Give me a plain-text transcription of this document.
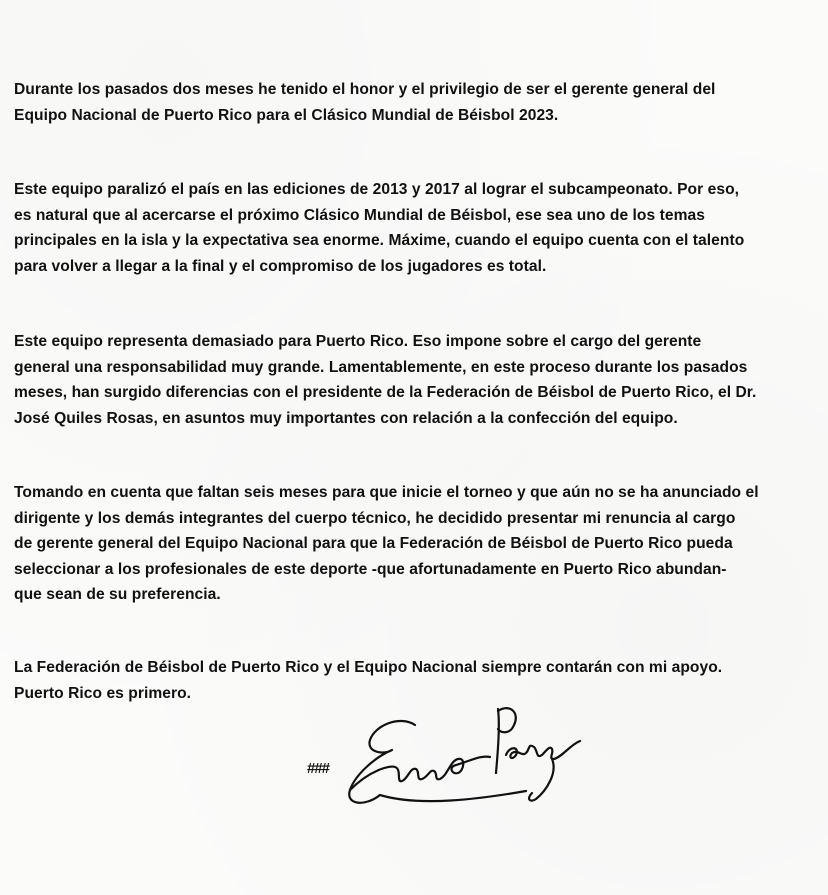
Durante los pasados dos meses he tenido el honor y el privilegio de ser el gerente general del
Equipo Nacional de Puerto Rico para el Clásico Mundial de Béisbol 2023.

Este equipo paralizó el país en las ediciones de 2013 y 2017 al lograr el subcampeonato. Por eso,
es natural que al acercarse el próximo Clásico Mundial de Béisbol, ese sea uno de los temas
principales en la isla y la expectativa sea enorme. Máxime, cuando el equipo cuenta con el talento
para volver a llegar a la final y el compromiso de los jugadores es total.

Este equipo representa demasiado para Puerto Rico. Eso impone sobre el cargo del gerente
general una responsabilidad muy grande. Lamentablemente, en este proceso durante los pasados
meses, han surgido diferencias con el presidente de la Federación de Béisbol de Puerto Rico, el Dr.
José Quiles Rosas, en asuntos muy importantes con relación a la confección del equipo.

Tomando en cuenta que faltan seis meses para que inicie el torneo y que aún no se ha anunciado el
dirigente y los demás integrantes del cuerpo técnico, he decidido presentar mi renuncia al cargo
de gerente general del Equipo Nacional para que la Federación de Béisbol de Puerto Rico pueda
seleccionar a los profesionales de este deporte -que afortunadamente en Puerto Rico abundan-
que sean de su preferencia.

La Federación de Béisbol de Puerto Rico y el Equipo Nacional siempre contarán con mi apoyo.
Puerto Rico es primero.

###
